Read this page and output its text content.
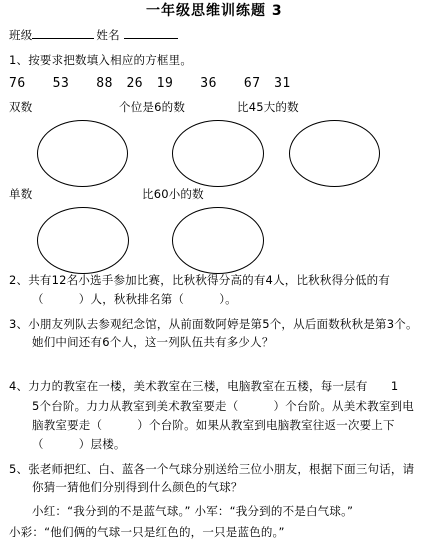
一年级思维训练题 3
班级	姓名
1、按要求把数填入相应的方框里。
76　　53　　88　26　19　　36　　67　31
双数	个位是6的数	比45大的数
单数	比60小的数
2、共有12名小选手参加比赛，比秋秋得分高的有4人，比秋秋得分低的有
（　　　）人，秋秋排名第（　　　）。
3、小朋友列队去参观纪念馆，从前面数阿婷是第5个，从后面数秋秋是第3个。
她们中间还有6个人，这一列队伍共有多少人？
4、力力的教室在一楼，美术教室在三楼，电脑教室在五楼，每一层有　　1
5个台阶。力力从教室到美术教室要走（　　　）个台阶。从美术教室到电
脑教室要走（　　　）个台阶。如果从教室到电脑教室往返一次要上下
（　　　）层楼。
5、张老师把红、白、蓝各一个气球分别送给三位小朋友，根据下面三句话，请
你猜一猜他们分别得到什么颜色的气球？
小红：“我分到的不是蓝气球。” 小军：“我分到的不是白气球。”
小彩：“他们俩的气球一只是红色的，一只是蓝色的。”
